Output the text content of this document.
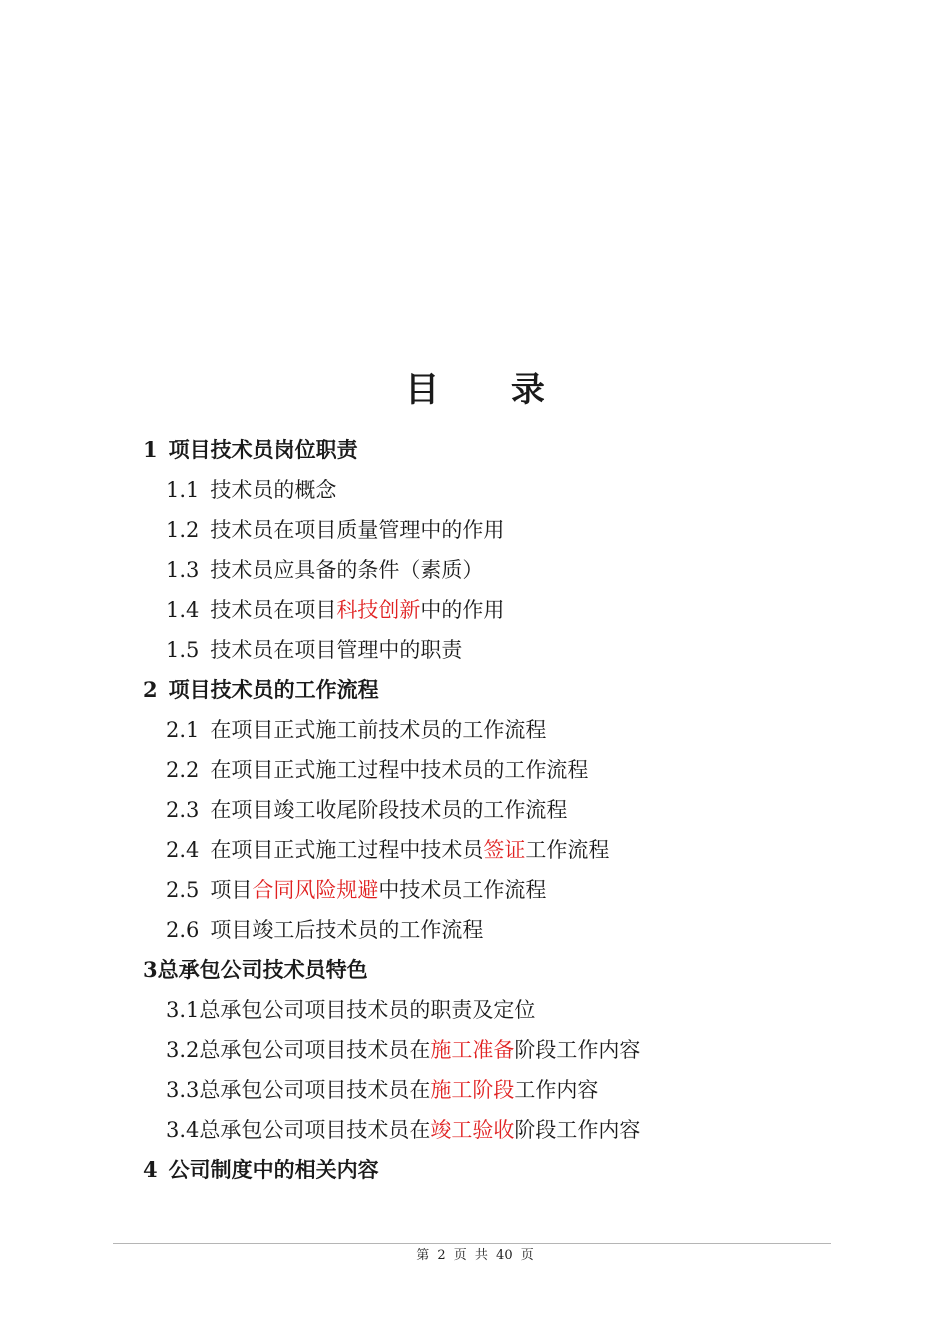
目 录
1 项目技术员岗位职责
1.1 技术员的概念
1.2 技术员在项目质量管理中的作用
1.3 技术员应具备的条件（素质）
1.4 技术员在项目科技创新中的作用
1.5 技术员在项目管理中的职责
2 项目技术员的工作流程
2.1 在项目正式施工前技术员的工作流程
2.2 在项目正式施工过程中技术员的工作流程
2.3 在项目竣工收尾阶段技术员的工作流程
2.4 在项目正式施工过程中技术员签证工作流程
2.5 项目合同风险规避中技术员工作流程
2.6 项目竣工后技术员的工作流程
3总承包公司技术员特色
3.1总承包公司项目技术员的职责及定位
3.2总承包公司项目技术员在施工准备阶段工作内容
3.3总承包公司项目技术员在施工阶段工作内容
3.4总承包公司项目技术员在竣工验收阶段工作内容
4 公司制度中的相关内容
第 2 页 共 40 页
